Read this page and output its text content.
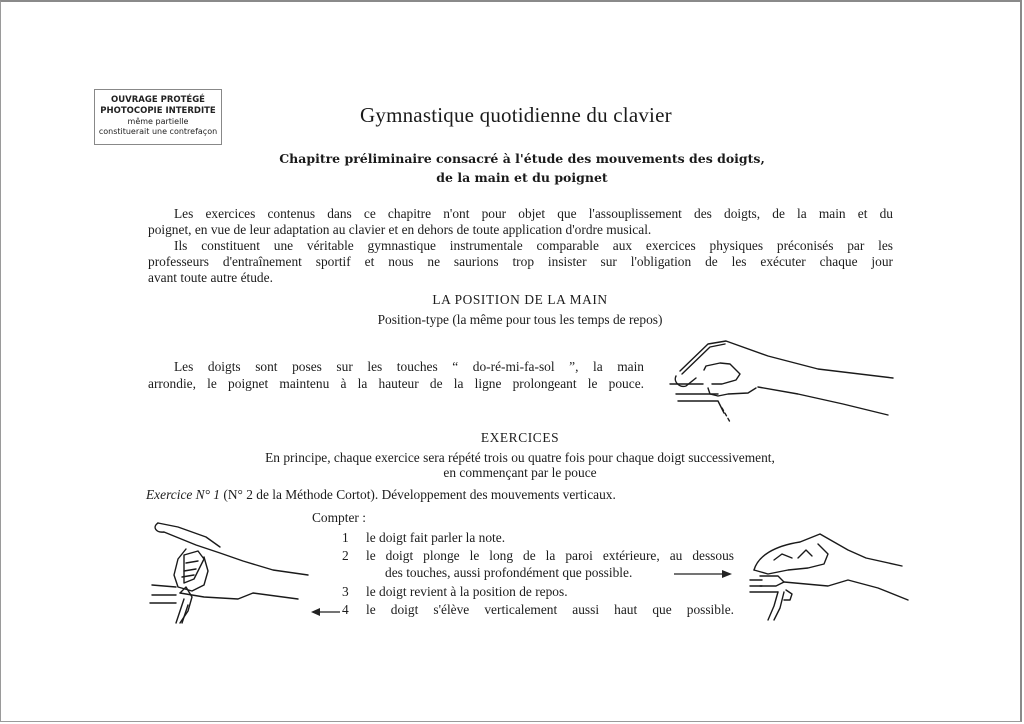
OUVRAGE PROTÉGÉ
PHOTOCOPIE INTERDITE
même partielle
constituerait une contrefaçon
Gymnastique quotidienne du clavier
Chapitre préliminaire consacré à l'étude des mouvements des doigts,
de la main et du poignet
Les exercices contenus dans ce chapitre n'ont pour objet que l'assouplissement des doigts, de la main et du
poignet, en vue de leur adaptation au clavier et en dehors de toute application d'ordre musical.
Ils constituent une véritable gymnastique instrumentale comparable aux exercices physiques préconisés par les
professeurs d'entraînement sportif et nous ne saurions trop insister sur l'obligation de les exécuter chaque jour
avant toute autre étude.
LA POSITION DE LA MAIN
Position-type (la même pour tous les temps de repos)
Les doigts sont poses sur les touches “ do-ré-mi-fa-sol ”, la main
arrondie, le poignet maintenu à la hauteur de la ligne prolongeant le pouce.
EXERCICES
En principe, chaque exercice sera répété trois ou quatre fois pour chaque doigt successivement,
en commençant par le pouce
Exercice N° 1 (N° 2 de la Méthode Cortot). Développement des mouvements verticaux.
Compter :
1 le doigt fait parler la note.
2 le doigt plonge le long de la paroi extérieure, au dessous
des touches, aussi profondément que possible.
3 le doigt revient à la position de repos.
4 le doigt s'élève verticalement aussi haut que possible.
